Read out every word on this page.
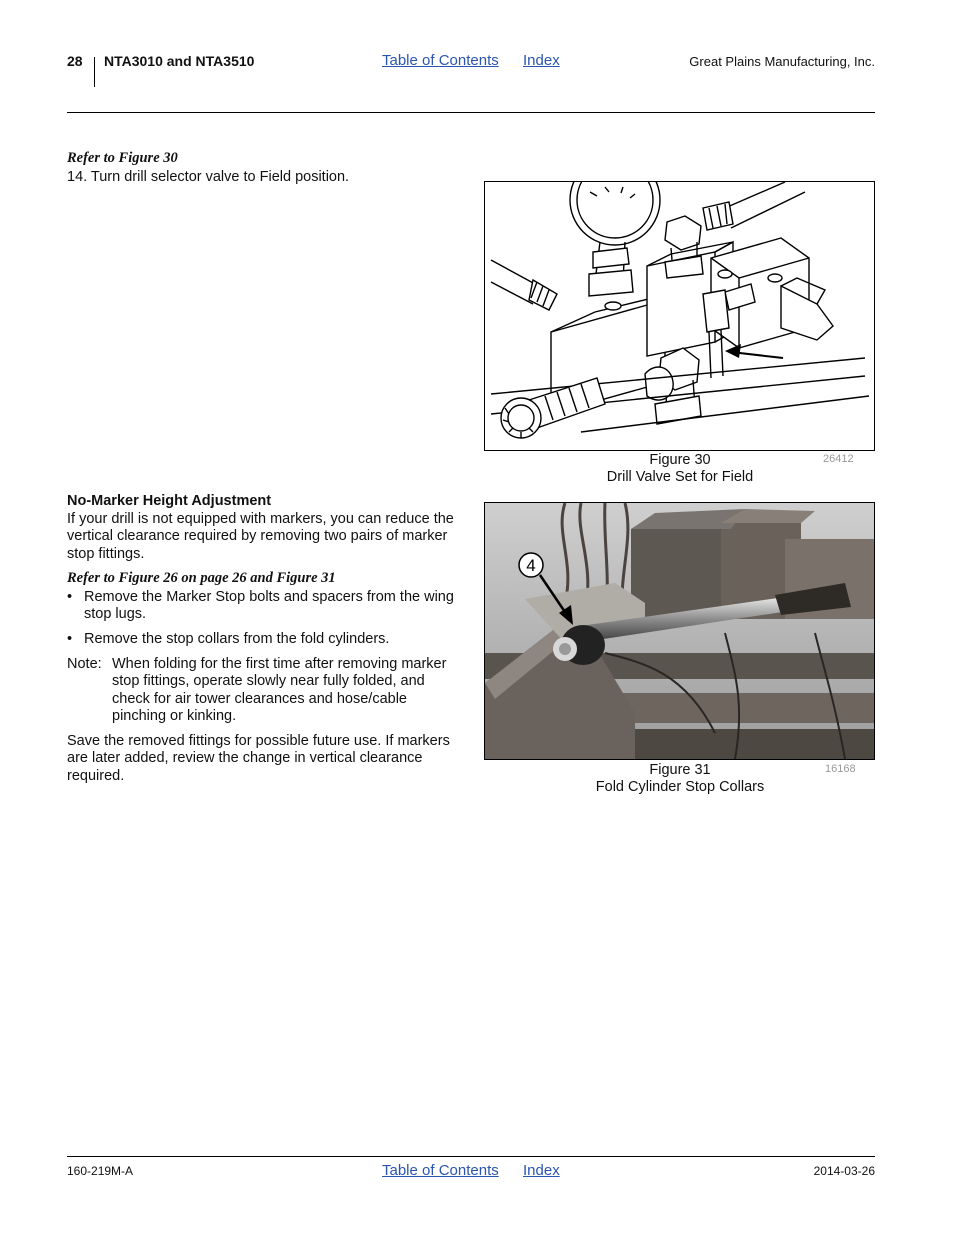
28 NTA3010 and NTA3510	Table of Contents Index	Great Plains Manufacturing, Inc.
Refer to Figure 30
14. Turn drill selector valve to Field position.
Figure 30
Drill Valve Set for Field
26412
No-Marker Height Adjustment
If your drill is not equipped with markers, you can reduce the vertical clearance required by removing two pairs of marker stop fittings.
Refer to Figure 26 on page 26 and Figure 31
• Remove the Marker Stop bolts and spacers from the wing stop lugs.
• Remove the stop collars from the fold cylinders.
Note: When folding for the first time after removing marker stop fittings, operate slowly near fully folded, and check for air tower clearances and hose/cable pinching or kinking.
Save the removed fittings for possible future use. If markers are later added, review the change in vertical clearance required.
4
Figure 31
Fold Cylinder Stop Collars
16168
160-219M-A	Table of Contents Index	2014-03-26
